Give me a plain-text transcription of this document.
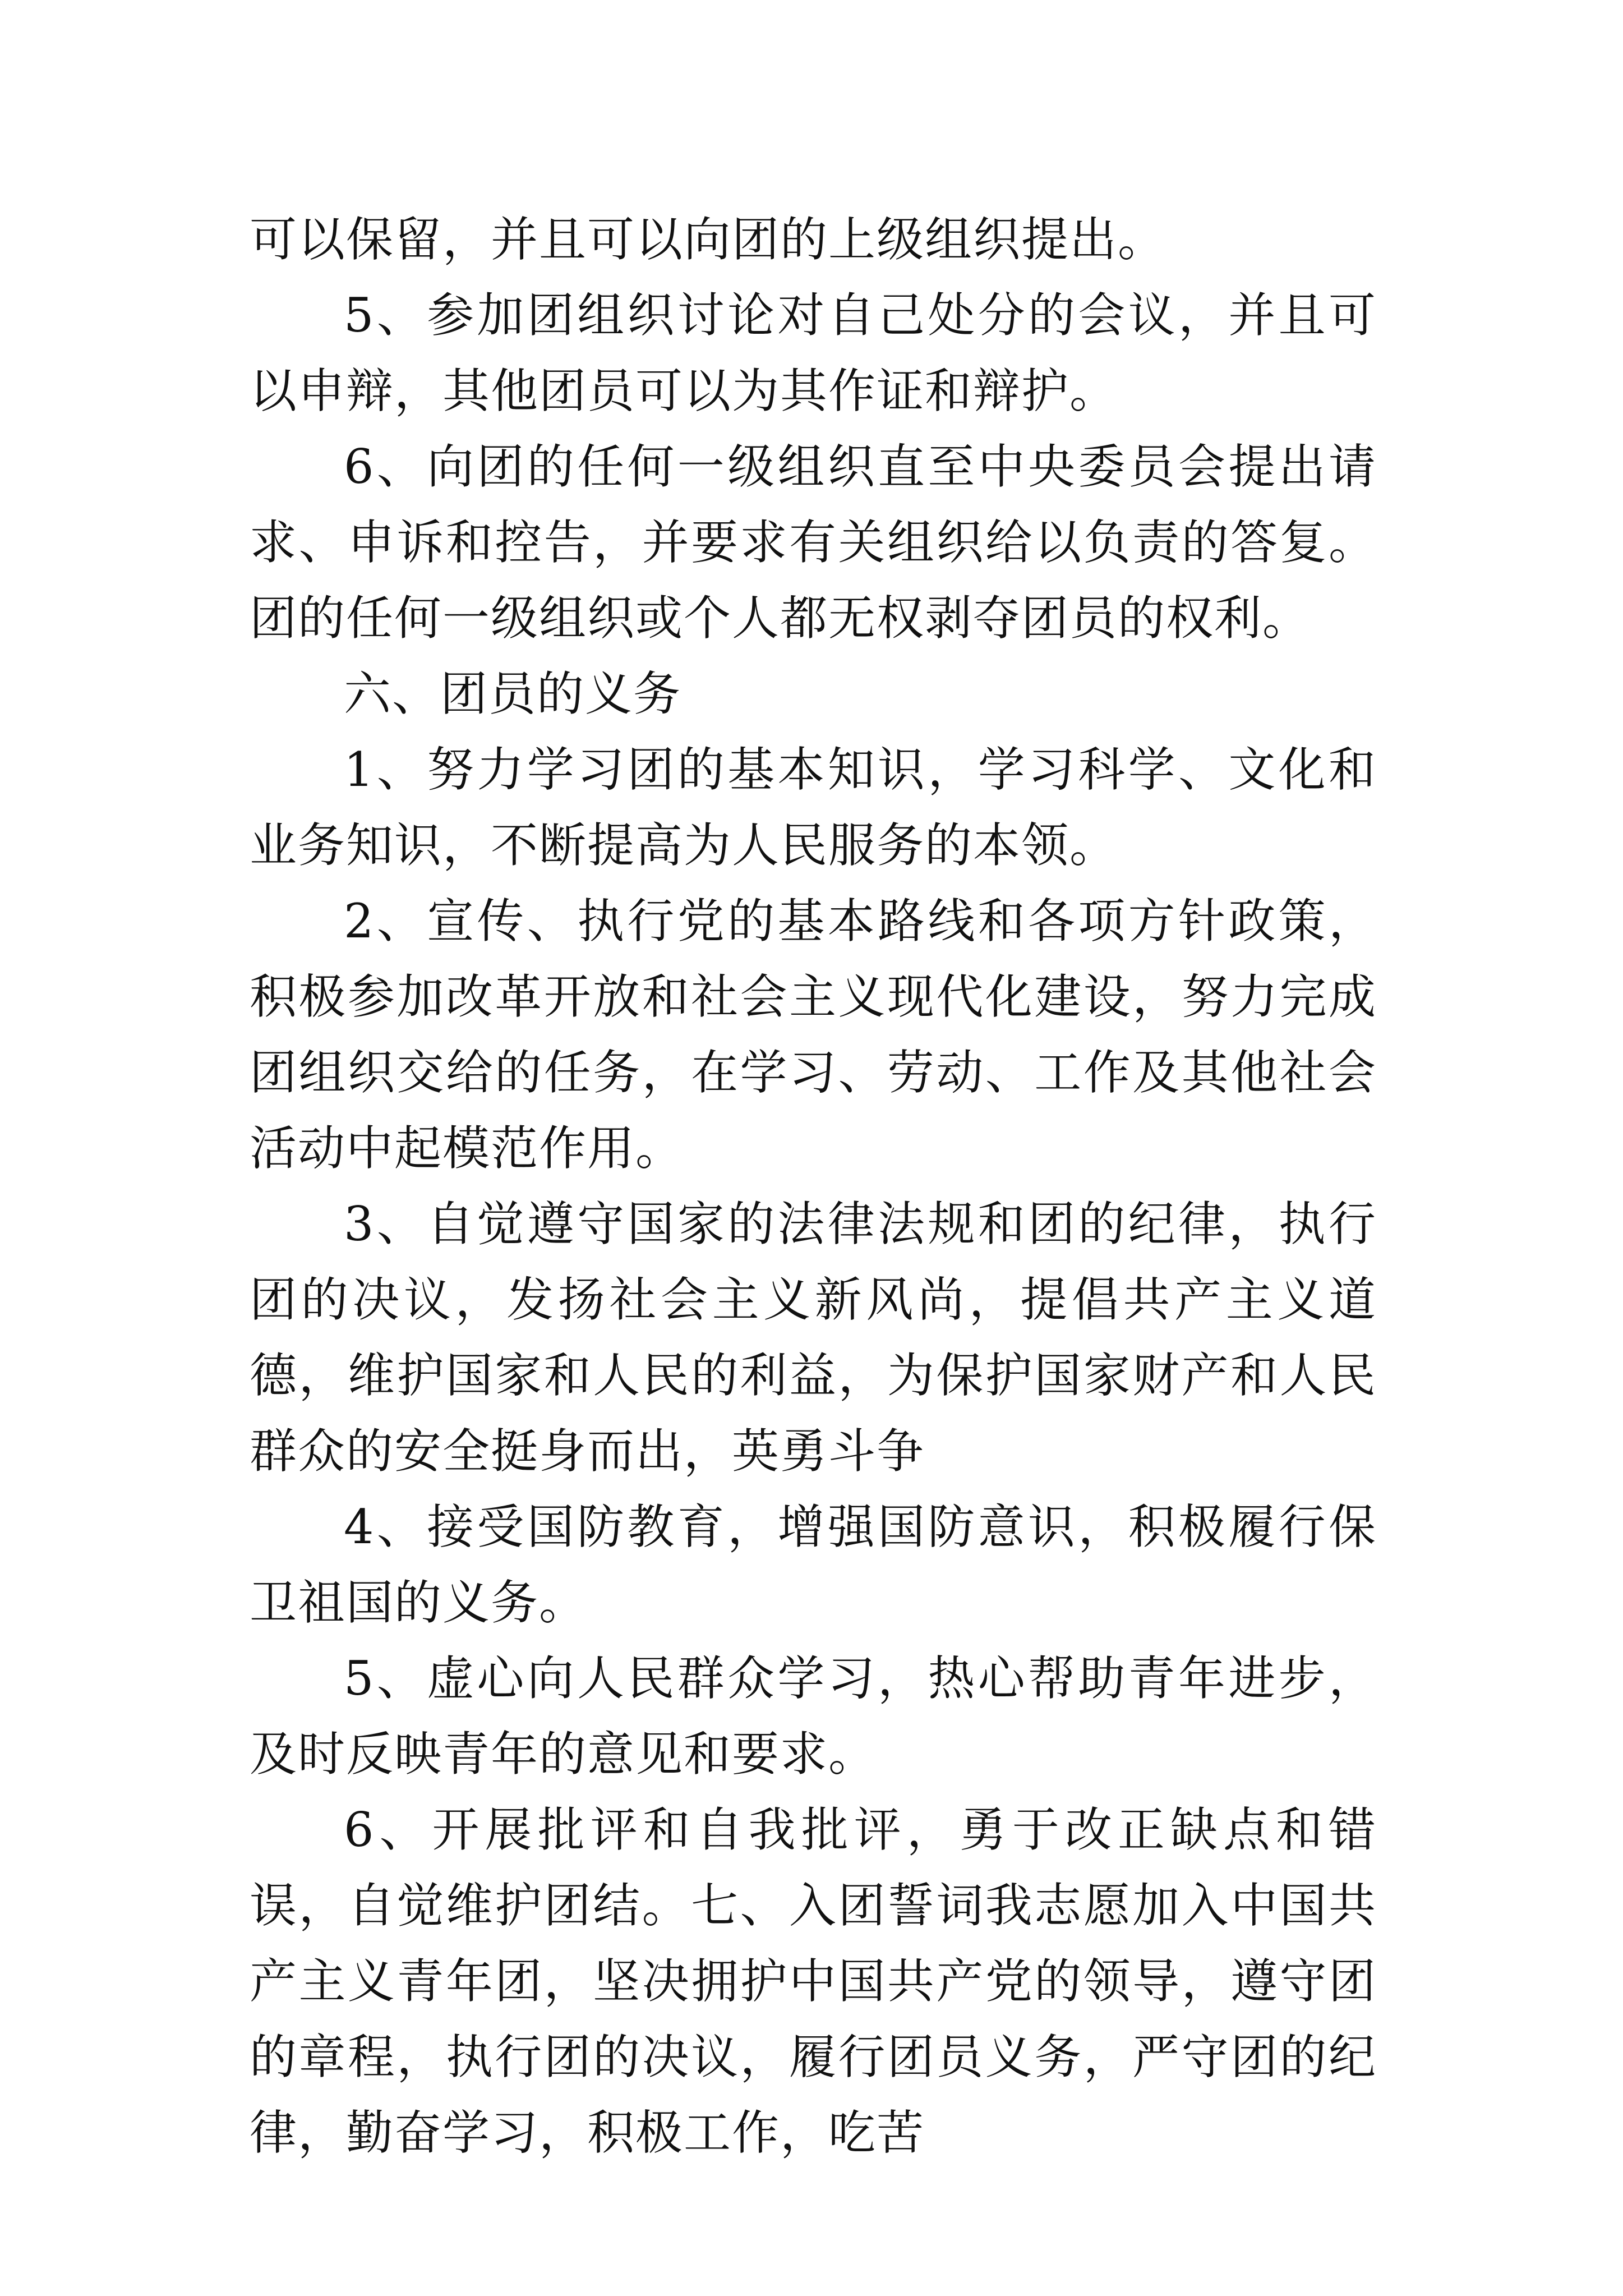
可以保留，并且可以向团的上级组织提出。

5、参加团组织讨论对自己处分的会议，并且可以申辩，其他团员可以为其作证和辩护。

6、向团的任何一级组织直至中央委员会提出请求、申诉和控告，并要求有关组织给以负责的答复。团的任何一级组织或个人都无权剥夺团员的权利。

六、团员的义务

1、努力学习团的基本知识，学习科学、文化和业务知识，不断提高为人民服务的本领。

2、宣传、执行党的基本路线和各项方针政策，积极参加改革开放和社会主义现代化建设，努力完成团组织交给的任务，在学习、劳动、工作及其他社会活动中起模范作用。

3、自觉遵守国家的法律法规和团的纪律，执行团的决议，发扬社会主义新风尚，提倡共产主义道德，维护国家和人民的利益，为保护国家财产和人民群众的安全挺身而出，英勇斗争

4、接受国防教育，增强国防意识，积极履行保卫祖国的义务。

5、虚心向人民群众学习，热心帮助青年进步，及时反映青年的意见和要求。

6、开展批评和自我批评，勇于改正缺点和错误，自觉维护团结。七、入团誓词我志愿加入中国共产主义青年团，坚决拥护中国共产党的领导，遵守团的章程，执行团的决议，履行团员义务，严守团的纪律，勤奋学习，积极工作，吃苦
